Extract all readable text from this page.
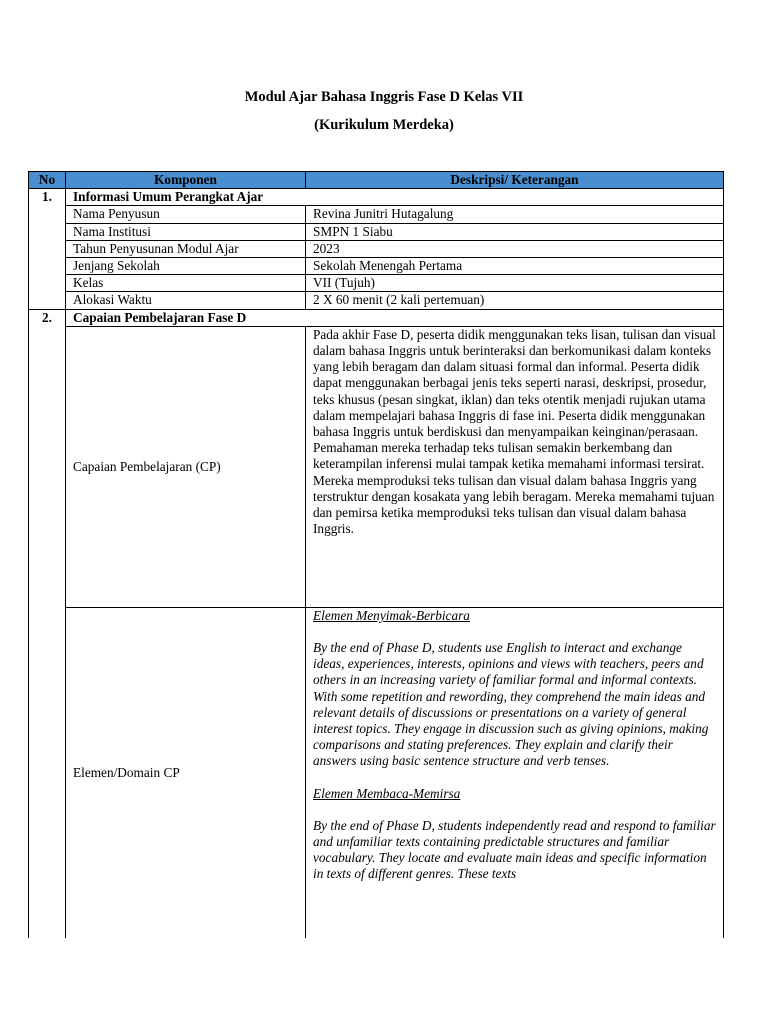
Modul Ajar Bahasa Inggris Fase D Kelas VII
(Kurikulum Merdeka)
No	Komponen	Deskripsi/ Keterangan
1.	Informasi Umum Perangkat Ajar	
	Nama Penyusun	Revina Junitri Hutagalung
	Nama Institusi	SMPN 1 Siabu
	Tahun Penyusunan Modul Ajar	2023
	Jenjang Sekolah	Sekolah Menengah Pertama
	Kelas	VII (Tujuh)
	Alokasi Waktu	2 X 60 menit (2 kali pertemuan)
2.	Capaian Pembelajaran Fase D	
	Capaian Pembelajaran (CP)	Pada akhir Fase D, peserta didik menggunakan teks lisan, tulisan dan visual dalam bahasa Inggris untuk berinteraksi dan berkomunikasi dalam konteks yang lebih beragam dan dalam situasi formal dan informal. Peserta didik dapat menggunakan berbagai jenis teks seperti narasi, deskripsi, prosedur, teks khusus (pesan singkat, iklan) dan teks otentik menjadi rujukan utama dalam mempelajari bahasa Inggris di fase ini. Peserta didik menggunakan bahasa Inggris untuk berdiskusi dan menyampaikan keinginan/perasaan. Pemahaman mereka terhadap teks tulisan semakin berkembang dan keterampilan inferensi mulai tampak ketika memahami informasi tersirat. Mereka memproduksi teks tulisan dan visual dalam bahasa Inggris yang terstruktur dengan kosakata yang lebih beragam. Mereka memahami tujuan dan pemirsa ketika memproduksi teks tulisan dan visual dalam bahasa Inggris.

	Elemen/Domain CP	Elemen Menyimak-Berbicara

By the end of Phase D, students use English to interact and exchange ideas, experiences, interests, opinions and views with teachers, peers and others in an increasing variety of familiar formal and informal contexts. With some repetition and rewording, they comprehend the main ideas and relevant details of discussions or presentations on a variety of general interest topics. They engage in discussion such as giving opinions, making comparisons and stating preferences. They explain and clarify their answers using basic sentence structure and verb tenses.

Elemen Membaca-Memirsa

By the end of Phase D, students independently read and respond to familiar and unfamiliar texts containing predictable structures and familiar vocabulary. They locate and evaluate main ideas and specific information in texts of different genres. These texts
